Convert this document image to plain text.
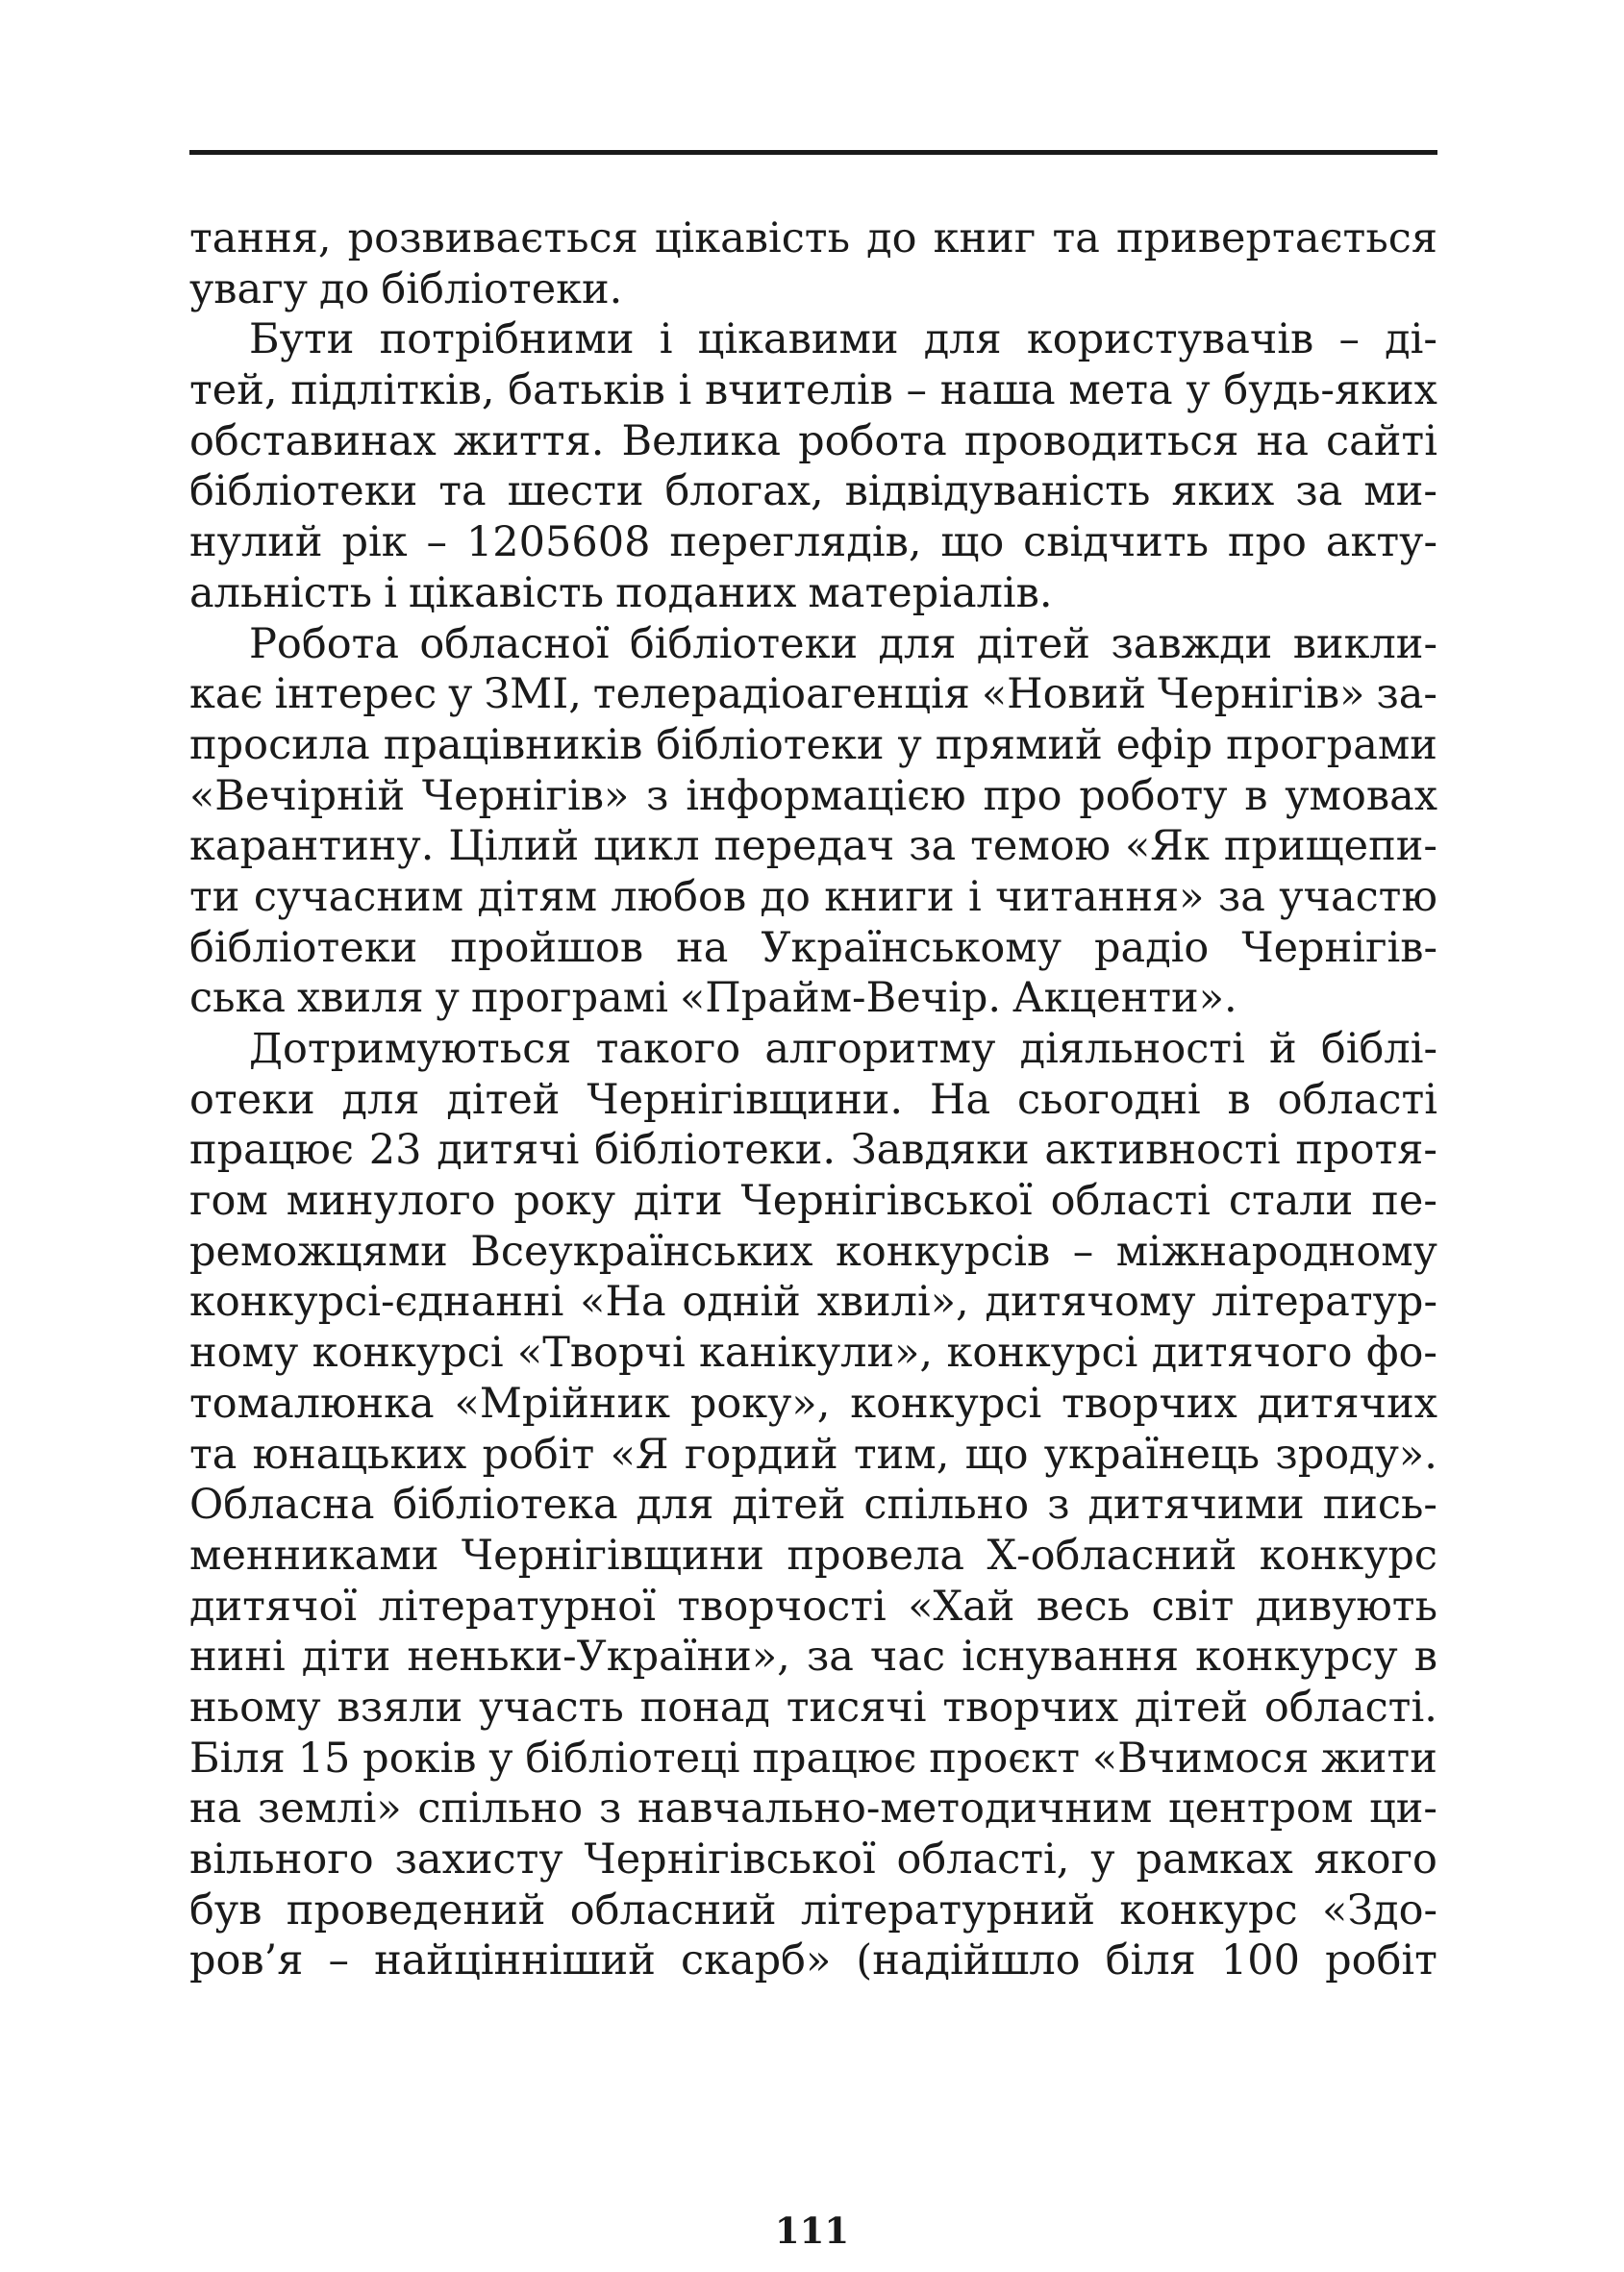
тання, розвивається цікавість до книг та привертається
увагу до бібліотеки.
Бути потрібними і цікавими для користувачів – ді-
тей, підлітків, батьків і вчителів – наша мета у будь-яких
обставинах життя. Велика робота проводиться на сайті
бібліотеки та шести блогах, відвідуваність яких за ми-
нулий рік – 1205608 переглядів, що свідчить про акту-
альність і цікавість поданих матеріалів.
Робота обласної бібліотеки для дітей завжди викли-
кає інтерес у ЗМІ, телерадіоагенція «Новий Чернігів» за-
просила працівників бібліотеки у прямий ефір програми
«Вечірній Чернігів» з інформацією про роботу в умовах
карантину. Цілий цикл передач за темою «Як прищепи-
ти сучасним дітям любов до книги і читання» за участю
бібліотеки пройшов на Українському радіо Чернігів-
ська хвиля у програмі «Прайм-Вечір. Акценти».
Дотримуються такого алгоритму діяльності й біблі-
отеки для дітей Чернігівщини. На сьогодні в області
працює 23 дитячі бібліотеки. Завдяки активності протя-
гом минулого року діти Чернігівської області стали пе-
реможцями Всеукраїнських конкурсів – міжнародному
конкурсі-єднанні «На одній хвилі», дитячому літератур-
ному конкурсі «Творчі канікули», конкурсі дитячого фо-
томалюнка «Мрійник року», конкурсі творчих дитячих
та юнацьких робіт «Я гордий тим, що українець зроду».
Обласна бібліотека для дітей спільно з дитячими пись-
менниками Чернігівщини провела Х-обласний конкурс
дитячої літературної творчості «Хай весь світ дивують
нині діти неньки-України», за час існування конкурсу в
ньому взяли участь понад тисячі творчих дітей області.
Біля 15 років у бібліотеці працює проєкт «Вчимося жити
на землі» спільно з навчально-методичним центром ци-
вільного захисту Чернігівської області, у рамках якого
був проведений обласний літературний конкурс «Здо-
ров’я – найцінніший скарб» (надійшло біля 100 робіт
111
